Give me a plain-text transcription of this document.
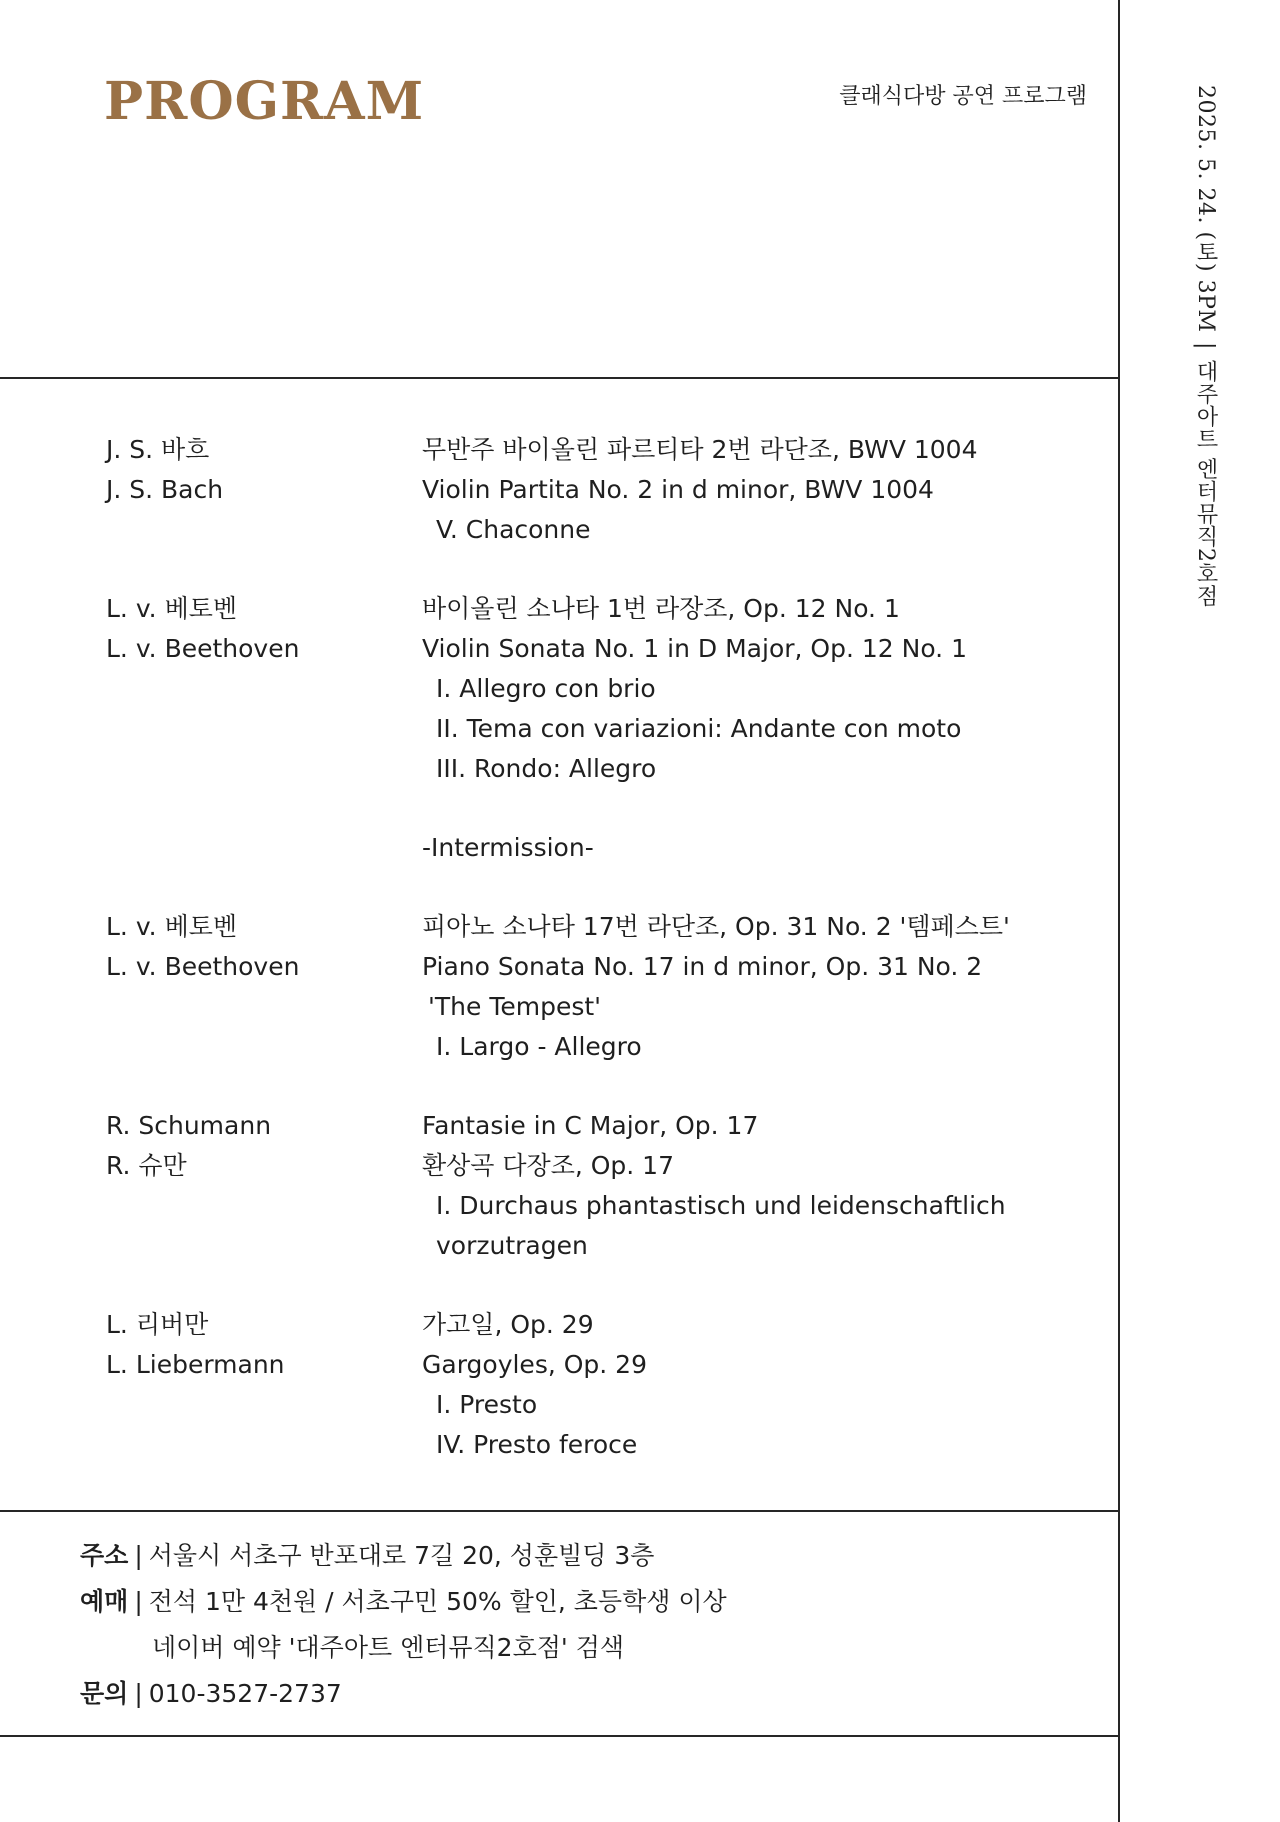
PROGRAM	클래식다방 공연 프로그램
J. S. 바흐
J. S. Bach
무반주 바이올린 파르티타 2번 라단조, BWV 1004
Violin Partita No. 2 in d minor, BWV 1004
V. Chaconne
L. v. 베토벤
L. v. Beethoven
바이올린 소나타 1번 라장조, Op. 12 No. 1
Violin Sonata No. 1 in D Major, Op. 12 No. 1
I. Allegro con brio
II. Tema con variazioni: Andante con moto
III. Rondo: Allegro
-Intermission-
L. v. 베토벤
L. v. Beethoven
피아노 소나타 17번 라단조, Op. 31 No. 2 '템페스트'
Piano Sonata No. 17 in d minor, Op. 31 No. 2
'The Tempest'
I. Largo - Allegro
R. Schumann
R. 슈만
Fantasie in C Major, Op. 17
환상곡 다장조, Op. 17
I. Durchaus phantastisch und leidenschaftlich
vorzutragen
L. 리버만
L. Liebermann
가고일, Op. 29
Gargoyles, Op. 29
I. Presto
IV. Presto feroce
주소 | 서울시 서초구 반포대로 7길 20, 성훈빌딩 3층
예매 | 전석 1만 4천원 / 서초구민 50% 할인, 초등학생 이상
네이버 예약 '대주아트 엔터뮤직2호점' 검색
문의 | 010-3527-2737
2025. 5. 24. (토) 3PM|대주아트 엔터뮤직2호점
